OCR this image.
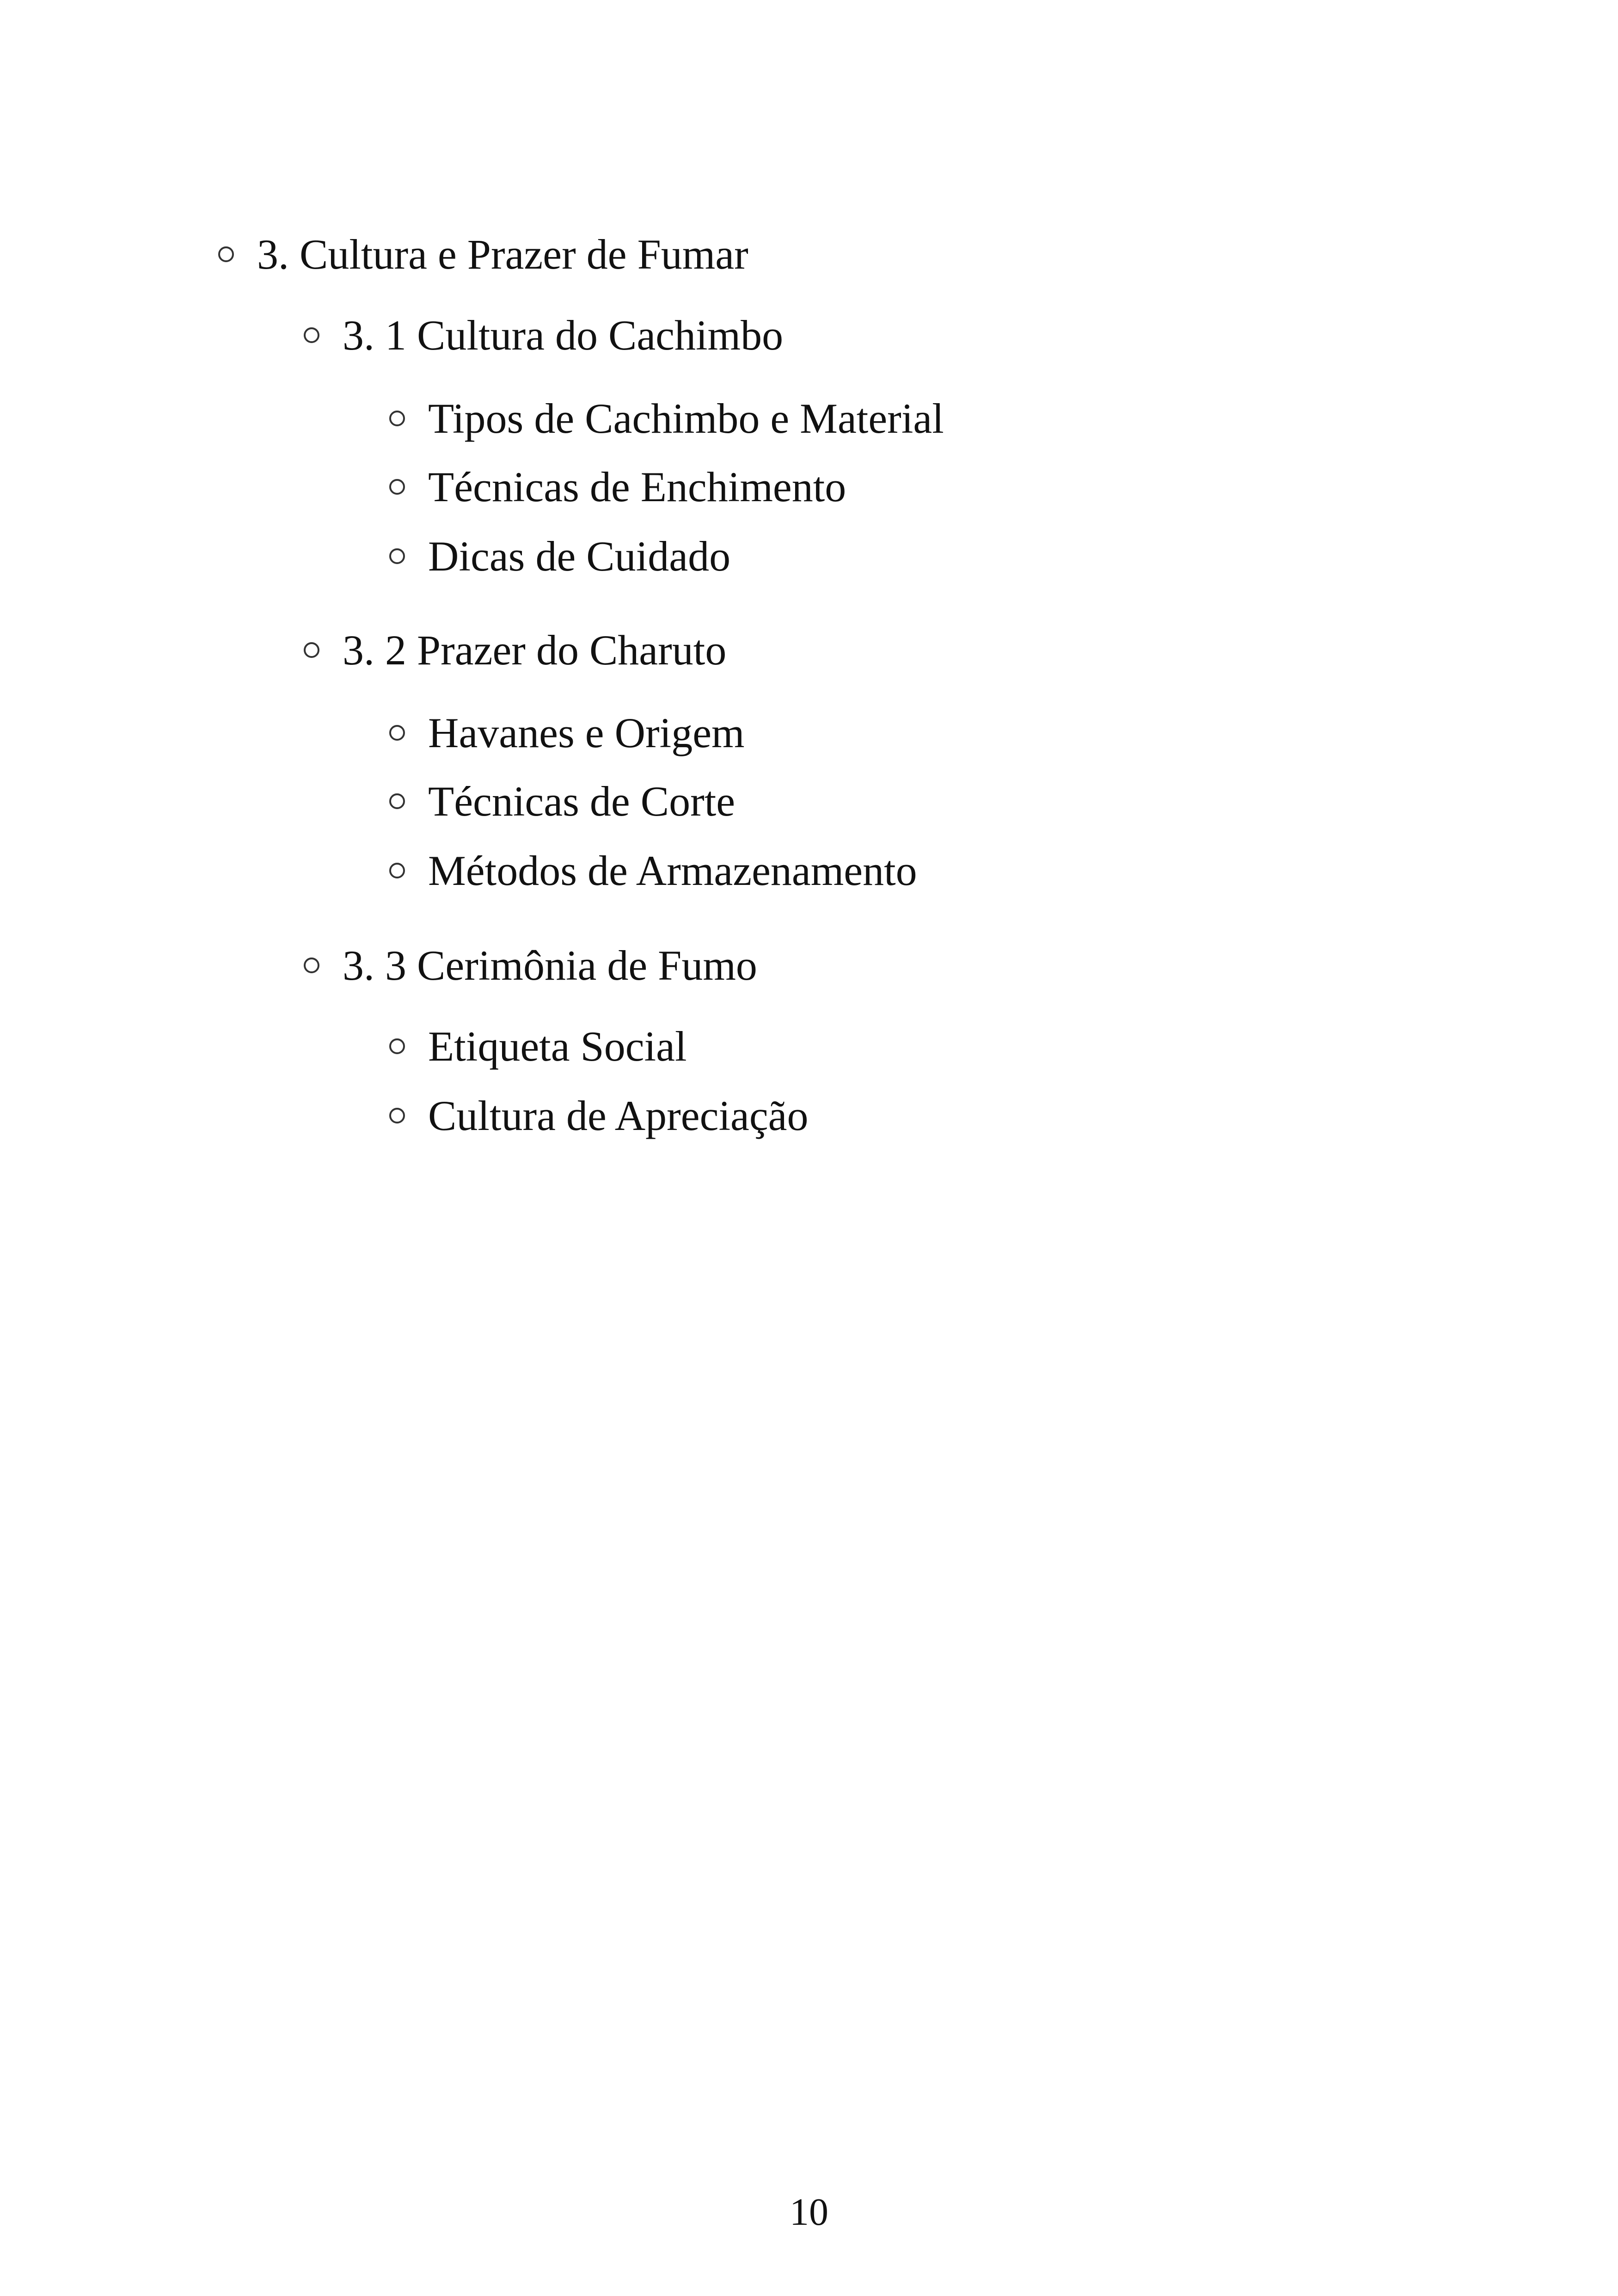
3. Cultura e Prazer de Fumar
3. 1 Cultura do Cachimbo
Tipos de Cachimbo e Material
Técnicas de Enchimento
Dicas de Cuidado
3. 2 Prazer do Charuto
Havanes e Origem
Técnicas de Corte
Métodos de Armazenamento
3. 3 Cerimônia de Fumo
Etiqueta Social
Cultura de Apreciação
10
